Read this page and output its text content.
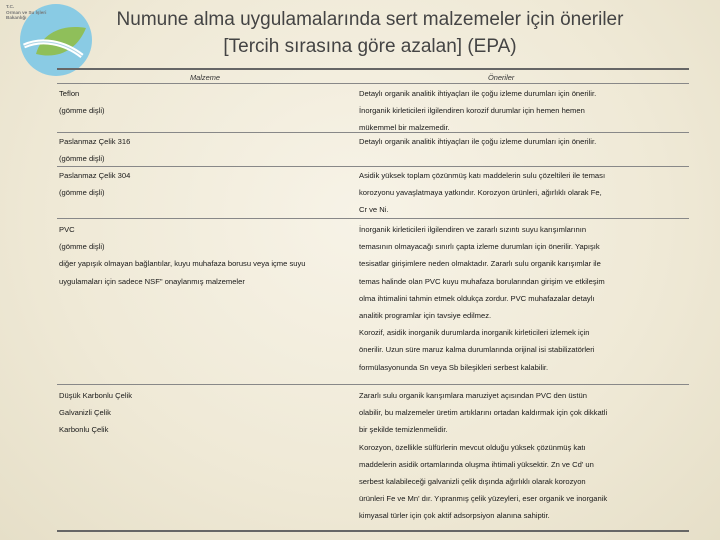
T.C.
Orman ve Su İşleri
Bakanlığı	Numune alma uygulamalarında sert malzemeler için öneriler
[Tercih sırasına göre azalan] (EPA)
Malzeme	Öneriler
Teflon
(gömme dişli)
Detaylı organik analitik ihtiyaçları ile çoğu izleme durumları için önerilir.
İnorganik kirleticileri ilgilendiren korozif durumlar için hemen hemen
mükemmel bir malzemedir.
Paslanmaz Çelik 316
(gömme dişli)
Detaylı organik analitik ihtiyaçları ile çoğu izleme durumları için önerilir.
Paslanmaz Çelik 304
(gömme dişli)
Asidik yüksek toplam çözünmüş katı maddelerin sulu çözeltileri ile teması
korozyonu yavaşlatmaya yatkındır. Korozyon ürünleri, ağırlıklı olarak Fe,
Cr ve Ni.
PVC
(gömme dişli)
diğer yapışık olmayan bağlantılar, kuyu muhafaza borusu veya içme suyu
uygulamaları için sadece NSF" onaylanmış malzemeler
İnorganik kirleticileri ilgilendiren ve zararlı sızıntı suyu karışımlarının
temasının olmayacağı sınırlı çapta izleme durumları için önerilir. Yapışık
tesisatlar girişimlere neden olmaktadır. Zararlı sulu organik karışımlar ile
temas halinde olan PVC kuyu muhafaza borularından girişim ve etkileşim
olma ihtimalini tahmin etmek oldukça zordur. PVC muhafazalar detaylı
analitik programlar için tavsiye edilmez.
Korozif, asidik inorganik durumlarda inorganik kirleticileri izlemek için
önerilir. Uzun süre maruz kalma durumlarında orijinal isi stabilizatörleri
formülasyonunda Sn veya Sb bileşikleri serbest kalabilir.
Düşük Karbonlu Çelik
Galvanizli Çelik
Karbonlu Çelik
Zararlı sulu organik karışımlara maruziyet açısından PVC den üstün
olabilir, bu malzemeler üretim artıklarını ortadan kaldırmak için çok dikkatli
bir şekilde temizlenmelidir.
Korozyon, özellikle sülfürlerin mevcut olduğu yüksek çözünmüş katı
maddelerin asidik ortamlarında oluşma ihtimali yüksektir. Zn ve Cd' un
serbest kalabileceği galvanizli çelik dışında ağırlıklı olarak korozyon
ürünleri Fe ve Mn' dır. Yıpranmış çelik yüzeyleri, eser organik ve inorganik
kimyasal türler için çok aktif adsorpsiyon alanına sahiptir.
